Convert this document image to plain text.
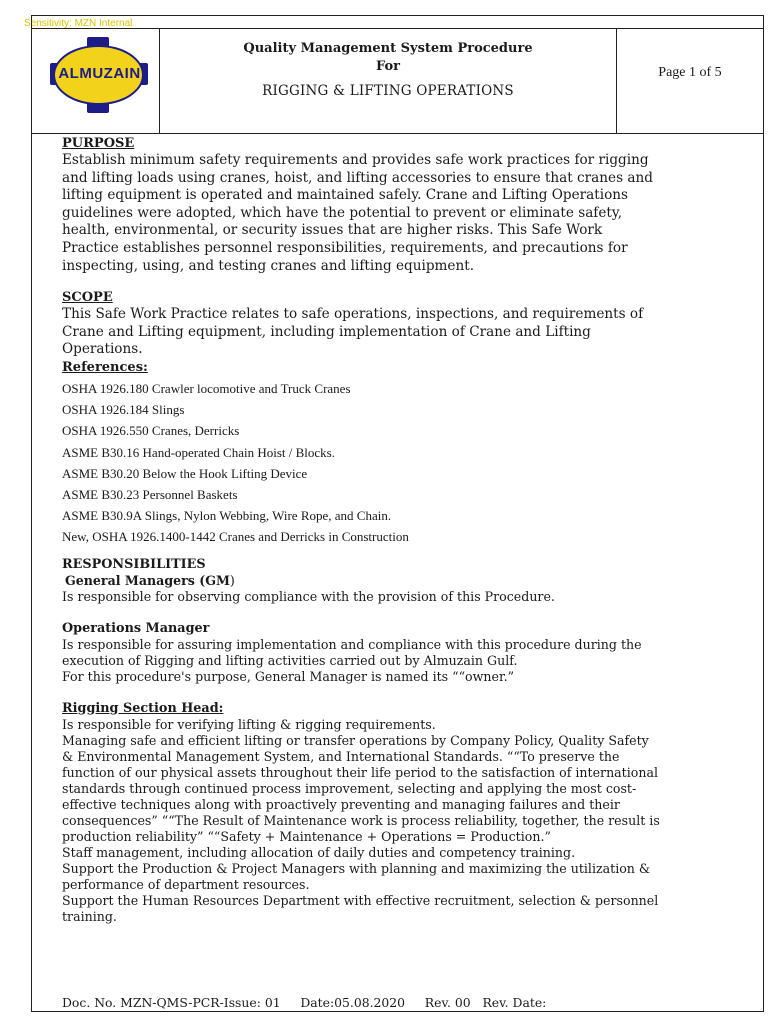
Sensitivity: MZN Internal
ALMUZAIN
Quality Management System Procedure
For
RIGGING & LIFTING OPERATIONS
Page 1 of 5

PURPOSE

Establish minimum safety requirements and provides safe work practices for rigging

and lifting loads using cranes, hoist, and lifting accessories to ensure that cranes and

lifting equipment is operated and maintained safely. Crane and Lifting Operations

guidelines were adopted, which have the potential to prevent or eliminate safety,

health, environmental, or security issues that are higher risks. This Safe Work

Practice establishes personnel responsibilities, requirements, and precautions for

inspecting, using, and testing cranes and lifting equipment.

SCOPE

This Safe Work Practice relates to safe operations, inspections, and requirements of

Crane and Lifting equipment, including implementation of Crane and Lifting

Operations.

References:

OSHA 1926.180 Crawler locomotive and Truck Cranes

OSHA 1926.184 Slings

OSHA 1926.550 Cranes, Derricks

ASME B30.16 Hand-operated Chain Hoist / Blocks.

ASME B30.20 Below the Hook Lifting Device

ASME B30.23 Personnel Baskets

ASME B30.9A Slings, Nylon Webbing, Wire Rope, and Chain.

New, OSHA 1926.1400-1442 Cranes and Derricks in Construction

RESPONSIBILITIES

General Managers (GM)

Is responsible for observing compliance with the provision of this Procedure.

Operations Manager

Is responsible for assuring implementation and compliance with this procedure during the

execution of Rigging and lifting activities carried out by Almuzain Gulf.

For this procedure's purpose, General Manager is named its ““owner.”

Rigging Section Head:

Is responsible for verifying lifting & rigging requirements.

Managing safe and efficient lifting or transfer operations by Company Policy, Quality Safety

& Environmental Management System, and International Standards. ““To preserve the

function of our physical assets throughout their life period to the satisfaction of international

standards through continued process improvement, selecting and applying the most cost-

effective techniques along with proactively preventing and managing failures and their

consequences” ““The Result of Maintenance work is process reliability, together, the result is

production reliability” ““Safety + Maintenance + Operations = Production.”

Staff management, including allocation of daily duties and competency training.

Support the Production & Project Managers with planning and maximizing the utilization &

performance of department resources.

Support the Human Resources Department with effective recruitment, selection & personnel

training.

Doc. No. MZN-QMS-PCR-Issue: 01 Date:05.08.2020 Rev. 00 Rev. Date:
